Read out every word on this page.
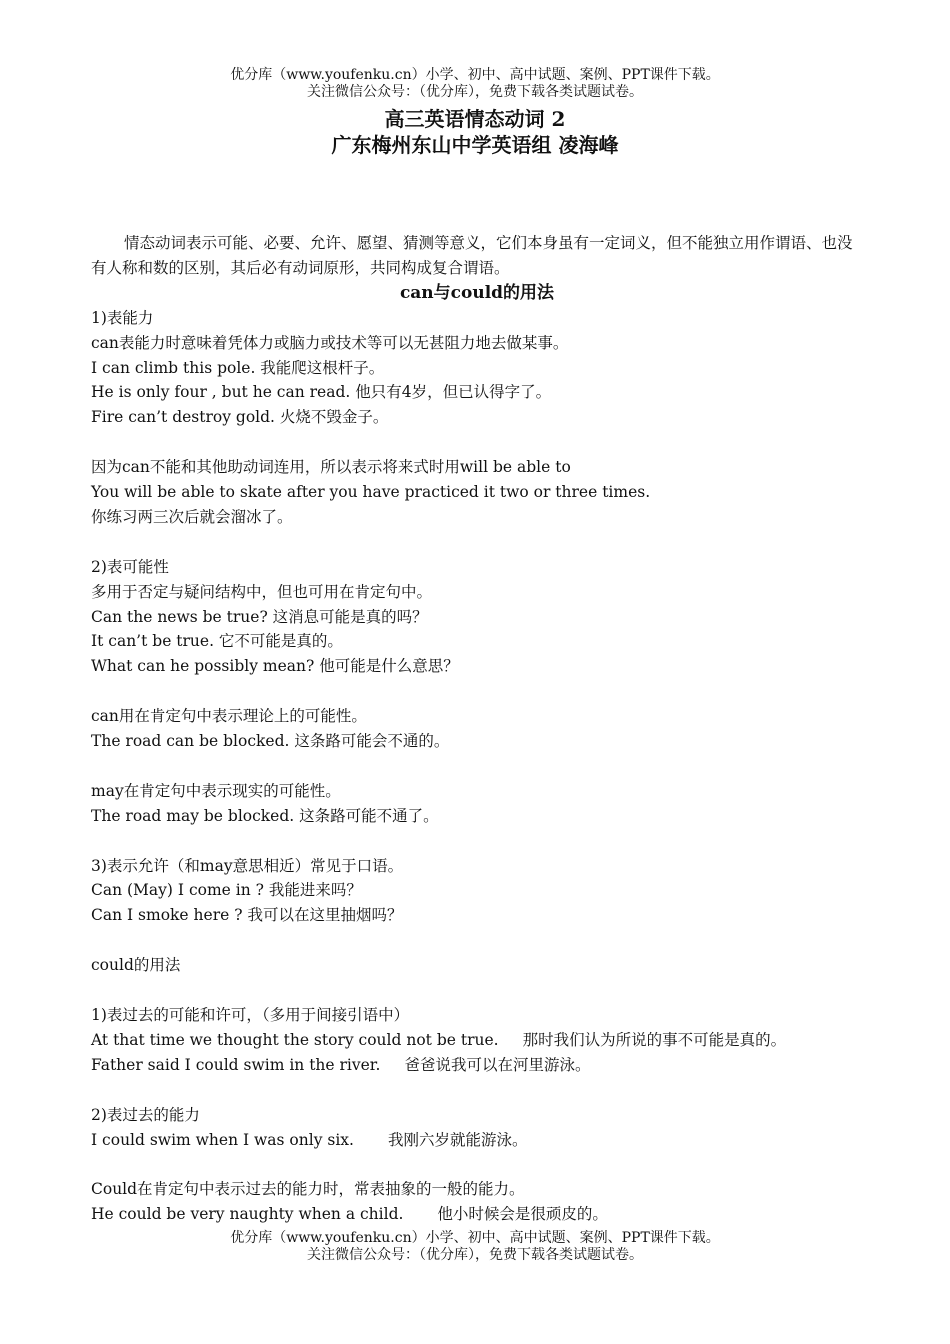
优分库（www.youfenku.cn）小学、初中、高中试题、案例、PPT课件下载。
关注微信公众号：（优分库），免费下载各类试题试卷。
高三英语情态动词 2
广东梅州东山中学英语组 凌海峰
情态动词表示可能、必要、允许、愿望、猜测等意义，它们本身虽有一定词义，但不能独立用作谓语、也没有人称和数的区别，其后必有动词原形，共同构成复合谓语。
can与could的用法
1)表能力
can表能力时意味着凭体力或脑力或技术等可以无甚阻力地去做某事。
I can climb this pole. 我能爬这根杆子。
He is only four , but he can read. 他只有4岁，但已认得字了。
Fire can’t destroy gold. 火烧不毁金子。
因为can不能和其他助动词连用，所以表示将来式时用will be able to
You will be able to skate after you have practiced it two or three times.
你练习两三次后就会溜冰了。
2)表可能性
多用于否定与疑问结构中，但也可用在肯定句中。
Can the news be true? 这消息可能是真的吗？
It can’t be true. 它不可能是真的。
What can he possibly mean? 他可能是什么意思？
can用在肯定句中表示理论上的可能性。
The road can be blocked. 这条路可能会不通的。
may在肯定句中表示现实的可能性。
The road may be blocked. 这条路可能不通了。
3)表示允许（和may意思相近）常见于口语。
Can (May) I come in ? 我能进来吗？
Can I smoke here ? 我可以在这里抽烟吗？
could的用法
1)表过去的可能和许可，（多用于间接引语中）
At that time we thought the story could not be true. 那时我们认为所说的事不可能是真的。
Father said I could swim in the river. 爸爸说我可以在河里游泳。
2)表过去的能力
I could swim when I was only six. 我刚六岁就能游泳。
Could在肯定句中表示过去的能力时，常表抽象的一般的能力。
He could be very naughty when a child. 他小时候会是很顽皮的。
优分库（www.youfenku.cn）小学、初中、高中试题、案例、PPT课件下载。
关注微信公众号：（优分库），免费下载各类试题试卷。
